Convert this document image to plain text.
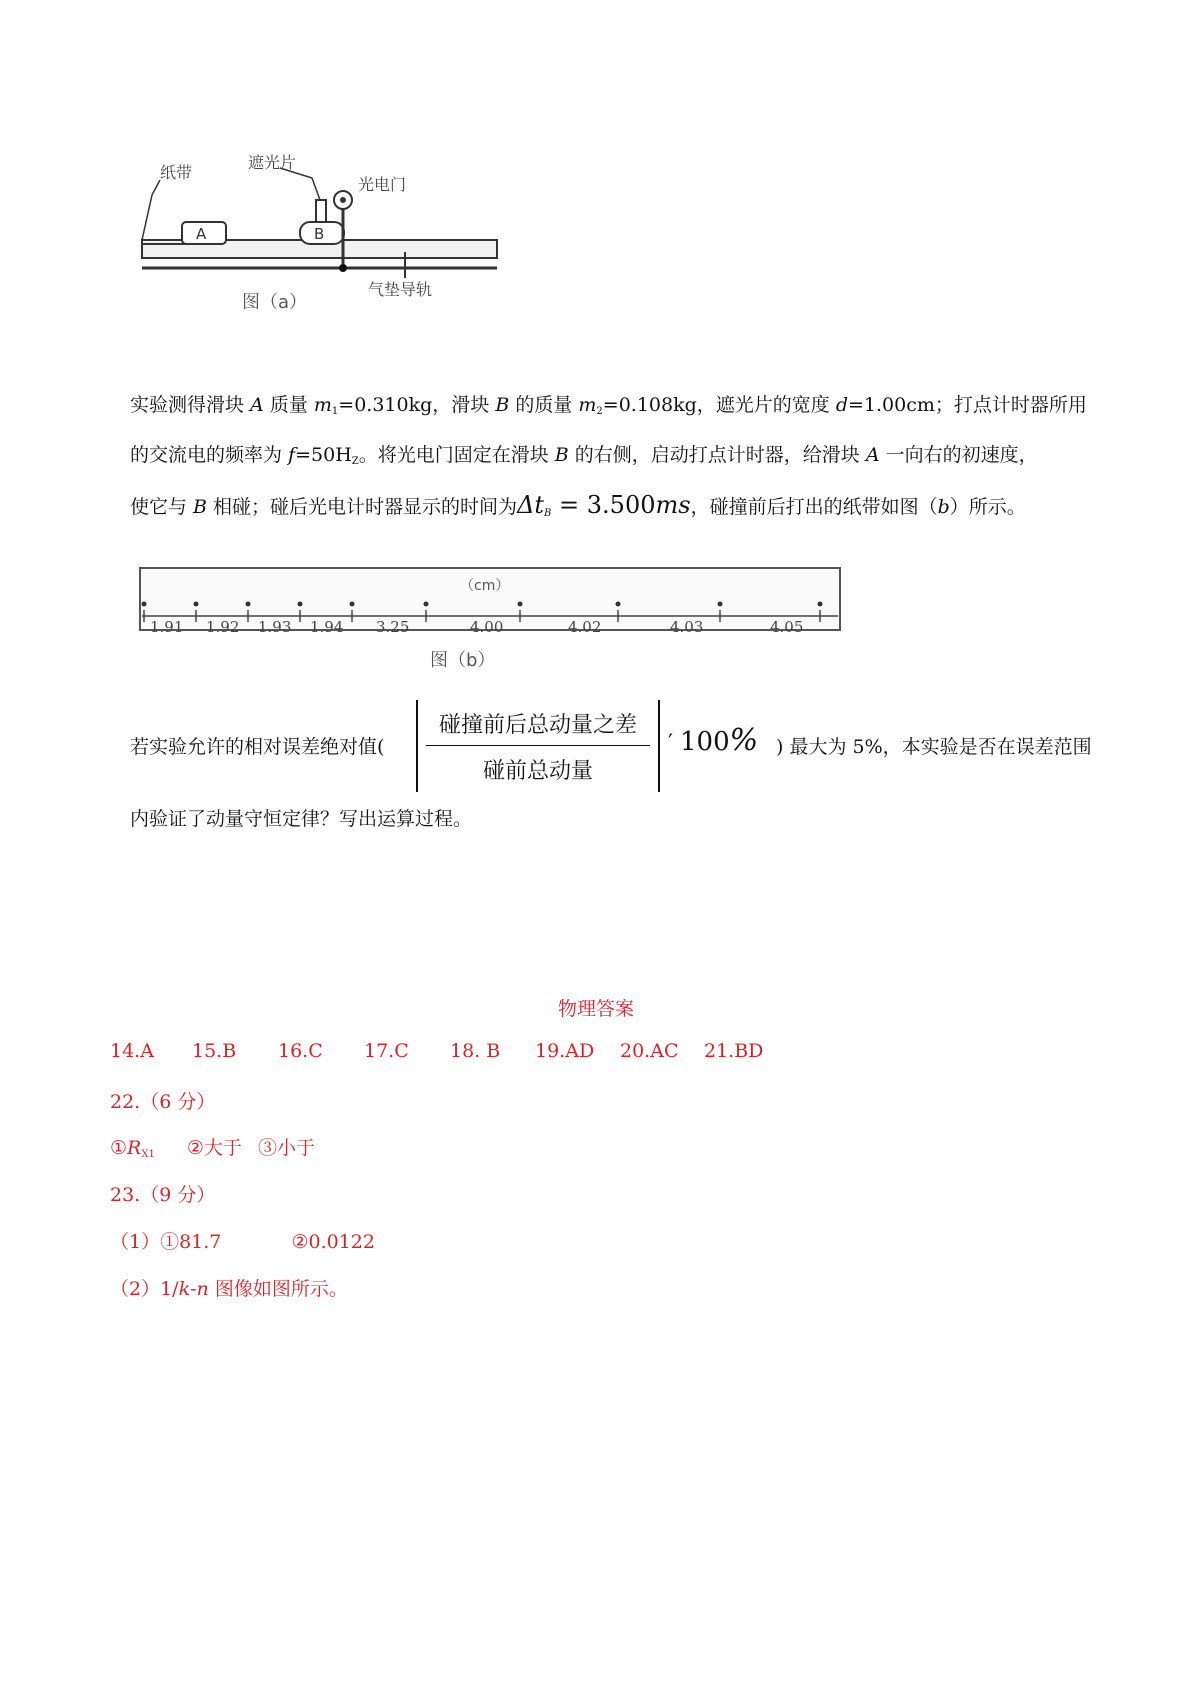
A	B
纸带
遮光片
光电门
气垫导轨
图（a）
实验测得滑块 A 质量 $m_1=0.310kg$，滑块 B 的质量 $m_2=0.108kg$，遮光片的宽度 d=1.00cm；打点计时器所用
的交流电的频率为 $f=50H_Z$。将光电门固定在滑块 B 的右侧，启动打点计时器，给滑块 A 一向右的初速度，
使它与 B 相碰；碰后光电计时器显示的时间为$\Delta t_B = 3.500ms$，碰撞前后打出的纸带如图（b）所示。
（cm）
1.91 1.92 1.93 1.94 3.25	4.00	4.02	4.03	4.05
图（b）
若实验允许的相对误差绝对值(
碰撞前后总动量之差
碰前总动量
′ 100% ) 最大为 5%，本实验是否在误差范围
内验证了动量守恒定律？写出运算过程。
物理答案
14.A 15.B 16.C 17.C 18. B 19.AD 20.AC 21.BD
22.（6 分）
$①R_{X1}$ ②大于 ③小于
23.（9 分）
（1）①81.7	②0.0122
（2）1/k-n 图像如图所示。
